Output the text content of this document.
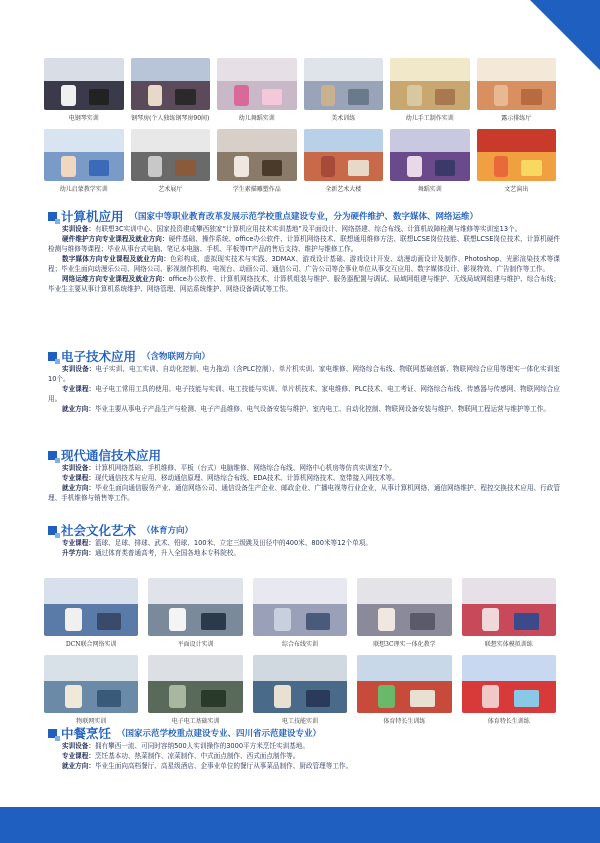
电钢琴实训	钢琴房(个人独练钢琴房90间)	幼儿舞蹈实训	美术训练	幼儿手工制作实训	露示排练厅
幼儿启蒙教学实训	艺术展厅	学生素描雕塑作品	全新艺术大楼	舞蹈实训	文艺演出
计算机应用 （国家中等职业教育改革发展示范学校重点建设专业，分为硬件维护、数字媒体、网络运维）

实训设备：有联想3C实训中心、国家投资建成攀西独家“计算机应用技术实训基地”及平面设计、网络搭建、综合布线、计算机故障检测与维修等实训室13个。

硬件维护方向专业课程及就业方向：硬件基础、操作系统、office办公软件、计算机网络技术、联想通用维修方法、联想LCSE岗位技能、联想LCSE岗位技术、计算机硬件检测与维修等课程；毕业从事台式电脑、笔记本电脑、手机、平板等IT产品的售后支持、维护与维修工作。

数字媒体方向专业课程及就业方向：色彩构成、虚拟现实技术与实践、3DMAX、游戏设计基础、游戏设计开发、动漫动画设计及制作、Photoshop、光影渲染技术等课程；毕业生面向动漫乐公司、网络公司、影视制作机构、电视台、动画公司、通信公司、广告公司等企事业单位从事交互应用、数字媒体设计、影视特效、广告制作等工作。

网络运维方向专业课程及就业方向：office办公软件、计算机网络技术、计算机组装与维护、服务器配置与调试、局域网组建与维护、无线局域网组建与维护、综合布线；毕业生主要从事计算机系统维护、网络管理、网站系统维护、网络设备调试等工作。

电子技术应用 （含物联网方向）

实训设备：电子实训、电工实训、自动化控制、电力拖动（含PLC控制）、单片机实训、家电维修、网络综合布线、物联网基础创新、物联网综合应用等理实一体化实训室10个。

专业课程：电子电工常用工具的使用、电子技能与实训、电工技能与实训、单片机技术、家电维修、PLC技术、电工考证、网络综合布线、传感器与传感网、物联网综合应用。

就业方向：毕业主要从事电子产品生产与检测、电子产品维修、电气设备安装与维护、室内电工、自动化控制、物联网设备安装与维护、物联网工程运营与维护等工作。

现代通信技术应用

实训设备：计算机网络基础、手机维修、平板（台式）电脑维修、网络综合布线、网络中心机房等仿真实训室7个。

专业课程：现代通信技术与应用、移动通信原理、网络综合布线、EDA技术、计算机网络技术、宽带接入网技术等。

就业方向：毕业生面向通信服务产业、通信网络公司、通信设备生产企业、邮政企业、广播电视等行业企业，从事计算机网络、通信网络维护、程控交换技术应用、行政管理、手机维修与销售等工作。

社会文化艺术 （体育方向）

专业课程：篮球、足球、排球、武术、铅球、100米、立定三级跳及田径中的400米、800米等12个单项。

升学方向：通过体育类普通高考，升入全国各地本专科院校。

DCN联合网络实训	平面设计实训	综合布线实训	联想3C理实一体化教学	联想实体模拟训练
物联网实训	电子电工基础实训	电工技能实训	体育特长生训练	体育特长生训练
中餐烹饪 （国家示范学校重点建设专业、四川省示范建设专业）

实训设备：拥有攀西一流、可同时容纳500人实训操作的3000平方米烹饪实训基地。

专业课程：烹饪基本功、热菜制作、凉菜制作、中式面点制作、西式面点制作等。

就业方向：毕业生面向高档餐厅、高星级酒店、企事业单位的餐厅从事菜品制作、厨政管理等工作。
